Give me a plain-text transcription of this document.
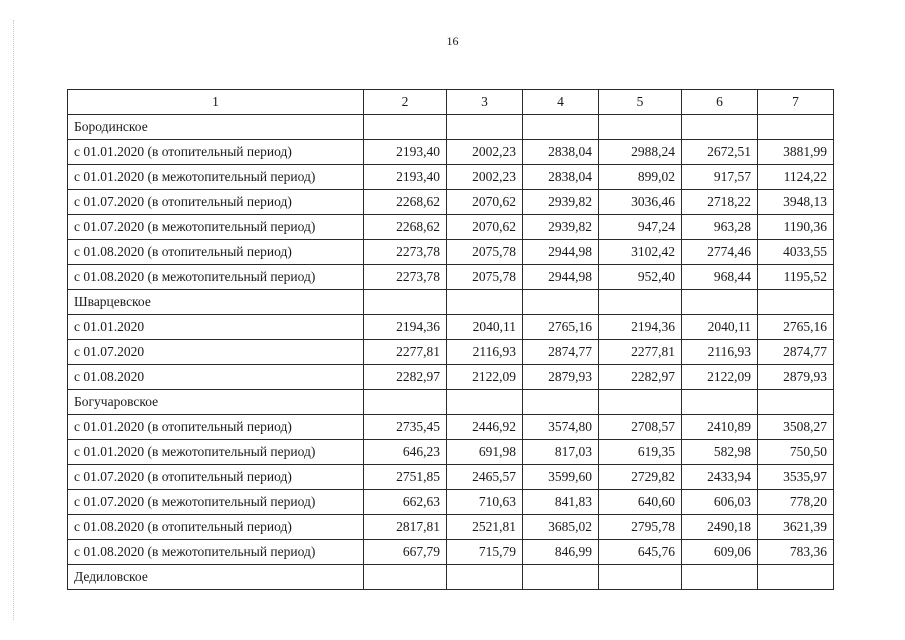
16
1	2	3	4	5	6	7
Бородинское						
с 01.01.2020 (в отопительный период)	2193,40	2002,23	2838,04	2988,24	2672,51	3881,99
с 01.01.2020 (в межотопительный период)	2193,40	2002,23	2838,04	899,02	917,57	1124,22
с 01.07.2020 (в отопительный период)	2268,62	2070,62	2939,82	3036,46	2718,22	3948,13
с 01.07.2020 (в межотопительный период)	2268,62	2070,62	2939,82	947,24	963,28	1190,36
с 01.08.2020 (в отопительный период)	2273,78	2075,78	2944,98	3102,42	2774,46	4033,55
с 01.08.2020 (в межотопительный период)	2273,78	2075,78	2944,98	952,40	968,44	1195,52
Шварцевское						
с 01.01.2020	2194,36	2040,11	2765,16	2194,36	2040,11	2765,16
с 01.07.2020	2277,81	2116,93	2874,77	2277,81	2116,93	2874,77
с 01.08.2020	2282,97	2122,09	2879,93	2282,97	2122,09	2879,93
Богучаровское						
с 01.01.2020 (в отопительный период)	2735,45	2446,92	3574,80	2708,57	2410,89	3508,27
с 01.01.2020 (в межотопительный период)	646,23	691,98	817,03	619,35	582,98	750,50
с 01.07.2020 (в отопительный период)	2751,85	2465,57	3599,60	2729,82	2433,94	3535,97
с 01.07.2020 (в межотопительный период)	662,63	710,63	841,83	640,60	606,03	778,20
с 01.08.2020 (в отопительный период)	2817,81	2521,81	3685,02	2795,78	2490,18	3621,39
с 01.08.2020 (в межотопительный период)	667,79	715,79	846,99	645,76	609,06	783,36
Дедиловское						
